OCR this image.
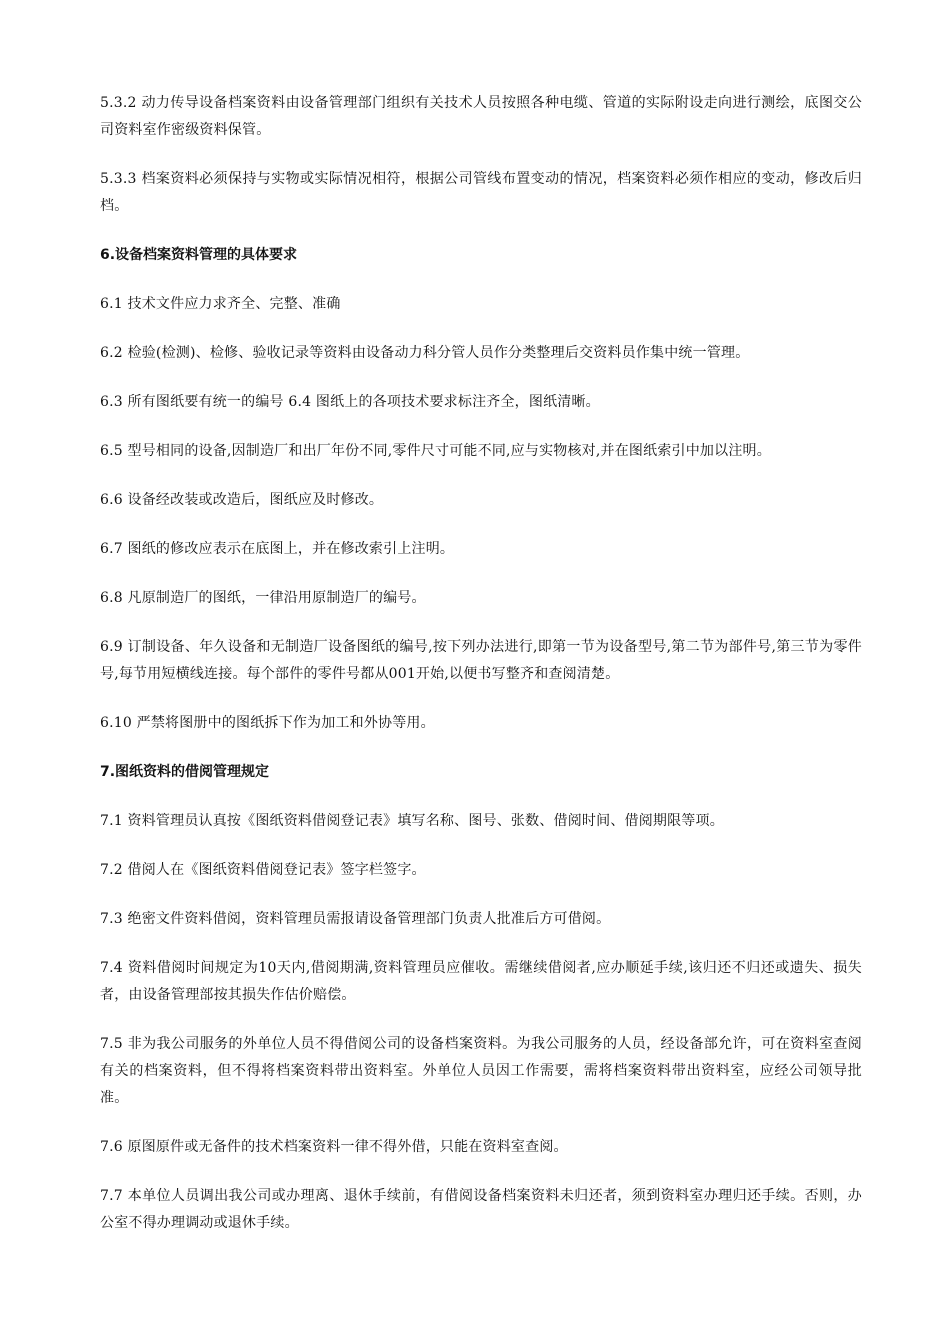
5.3.2 动力传导设备档案资料由设备管理部门组织有关技术人员按照各种电缆、管道的实际附设走向进行测绘，底图交公司资料室作密级资料保管。

5.3.3 档案资料必须保持与实物或实际情况相符，根据公司管线布置变动的情况，档案资料必须作相应的变动，修改后归档。

6.设备档案资料管理的具体要求

6.1 技术文件应力求齐全、完整、准确

6.2 检验(检测)、检修、验收记录等资料由设备动力科分管人员作分类整理后交资料员作集中统一管理。

6.3 所有图纸要有统一的编号 6.4 图纸上的各项技术要求标注齐全，图纸清晰。

6.5 型号相同的设备,因制造厂和出厂年份不同,零件尺寸可能不同,应与实物核对,并在图纸索引中加以注明。

6.6 设备经改装或改造后，图纸应及时修改。

6.7 图纸的修改应表示在底图上，并在修改索引上注明。

6.8 凡原制造厂的图纸，一律沿用原制造厂的编号。

6.9 订制设备、年久设备和无制造厂设备图纸的编号,按下列办法进行,即第一节为设备型号,第二节为部件号,第三节为零件号,每节用短横线连接。每个部件的零件号都从001开始,以便书写整齐和查阅清楚。

6.10 严禁将图册中的图纸拆下作为加工和外协等用。

7.图纸资料的借阅管理规定

7.1 资料管理员认真按《图纸资料借阅登记表》填写名称、图号、张数、借阅时间、借阅期限等项。

7.2 借阅人在《图纸资料借阅登记表》签字栏签字。

7.3 绝密文件资料借阅，资料管理员需报请设备管理部门负责人批准后方可借阅。

7.4 资料借阅时间规定为10天内,借阅期满,资料管理员应催收。需继续借阅者,应办顺延手续,该归还不归还或遗失、损失者，由设备管理部按其损失作估价赔偿。

7.5 非为我公司服务的外单位人员不得借阅公司的设备档案资料。为我公司服务的人员，经设备部允许，可在资料室查阅有关的档案资料，但不得将档案资料带出资料室。外单位人员因工作需要，需将档案资料带出资料室，应经公司领导批准。

7.6 原图原件或无备件的技术档案资料一律不得外借，只能在资料室查阅。

7.7 本单位人员调出我公司或办理离、退休手续前，有借阅设备档案资料未归还者，须到资料室办理归还手续。否则，办公室不得办理调动或退休手续。
